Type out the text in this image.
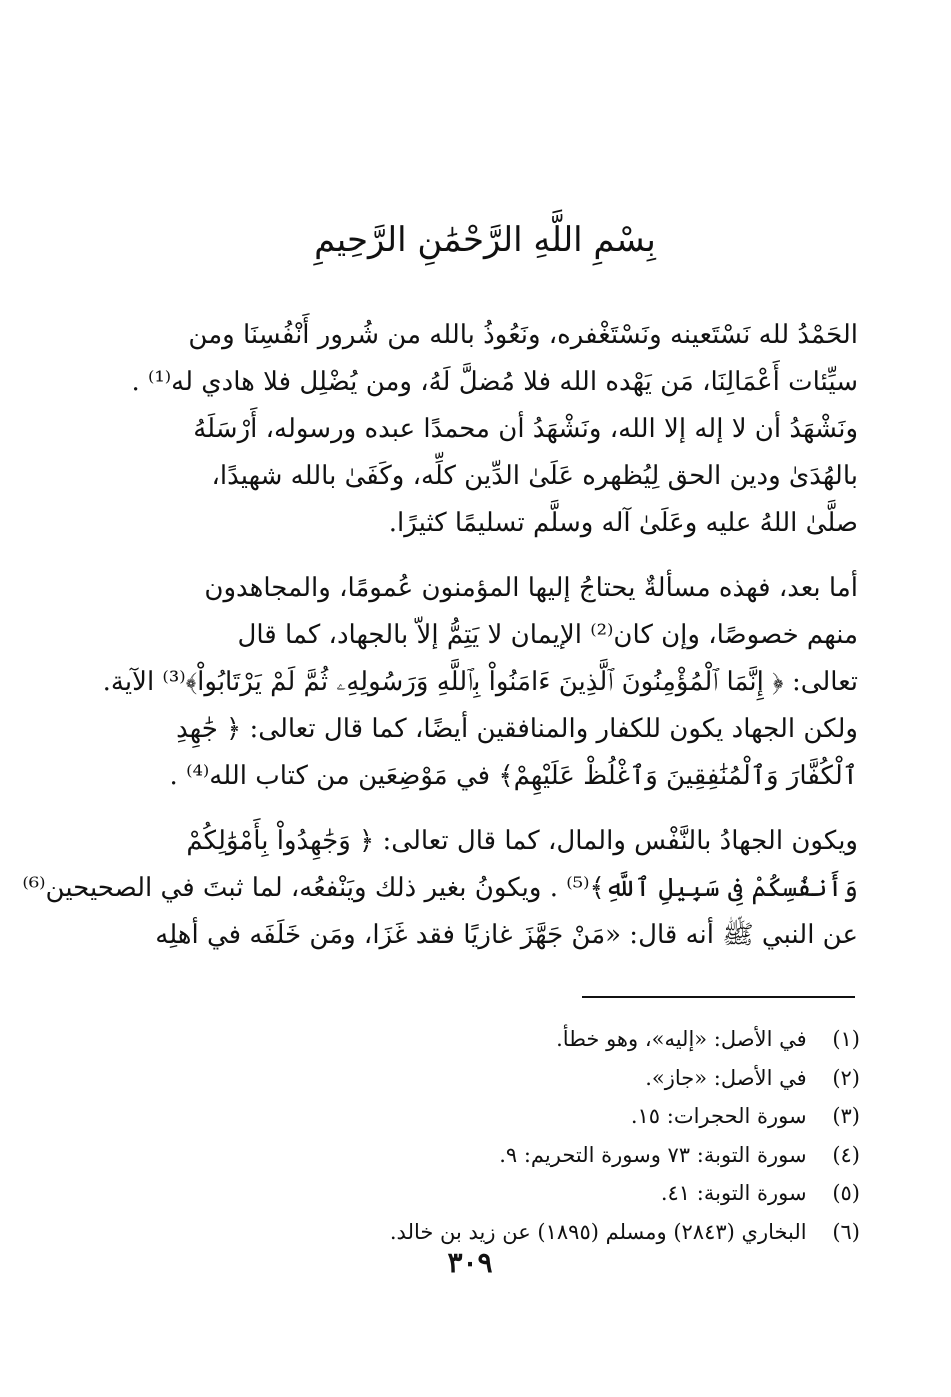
بِسْمِ اللَّهِ الرَّحْمَٰنِ الرَّحِيمِ

الحَمْدُ لله نَسْتَعينه ونَسْتَغْفره، ونَعُوذُ بالله من شُرور أَنْفُسِنَا ومن
سيِّئات أَعْمَالِنَا، مَن يَهْده الله فلا مُضلَّ لَهُ، ومن يُضْلِل فلا هادي له⁽¹⁾ .
ونَشْهَدُ أن لا إله إلا الله، ونَشْهَدُ أن محمدًا عبده ورسوله، أَرْسَلَهُ
بالهُدَىٰ ودين الحق لِيُظهره عَلَىٰ الدِّين كلِّه، وكَفَىٰ بالله شهيدًا،
صلَّىٰ اللهُ عليه وعَلَىٰ آله وسلَّم تسليمًا كثيرًا.

أما بعد، فهذه مسألةٌ يحتاجُ إليها المؤمنون عُمومًا، والمجاهدون
منهم خصوصًا، وإن كان⁽²⁾ الإيمان لا يَتِمُّ إلاّ بالجهاد، كما قال
تعالى: ﴿ إِنَّمَا ٱلْمُؤْمِنُونَ ٱلَّذِينَ ءَامَنُواْ بِٱللَّهِ وَرَسُولِهِۦ ثُمَّ لَمْ يَرْتَابُواْ﴾⁽³⁾ الآية.
ولكن الجهاد يكون للكفار والمنافقين أيضًا، كما قال تعالى: ﴿ جَٰهِدِ
ٱلْكُفَّارَ وَٱلْمُنَٰفِقِينَ وَٱغْلُظْ عَلَيْهِمْ﴾ في مَوْضِعَين من كتاب الله⁽⁴⁾ .

ويكون الجهادُ بالنَّفْس والمال، كما قال تعالى: ﴿ وَجَٰهِدُواْ بِأَمْوَٰلِكُمْ
وَأَنفُسِكُمْ فِى سَبِيلِ ٱللَّهِ﴾⁽⁵⁾ . ويكونُ بغير ذلك ويَنْفعُه، لما ثبتَ في الصحيحين⁽⁶⁾
عن النبي ﷺ أنه قال: «مَنْ جَهَّزَ غازيًا فقد غَزَا، ومَن خَلَفَه في أهلِه

(١)  في الأصل: «إليه»، وهو خطأ.
(٢)  في الأصل: «جاز».
(٣)  سورة الحجرات: ١٥.
(٤)  سورة التوبة: ٧٣ وسورة التحريم: ٩.
(٥)  سورة التوبة: ٤١.
(٦)  البخاري (٢٨٤٣) ومسلم (١٨٩٥) عن زيد بن خالد.
٣٠٩
